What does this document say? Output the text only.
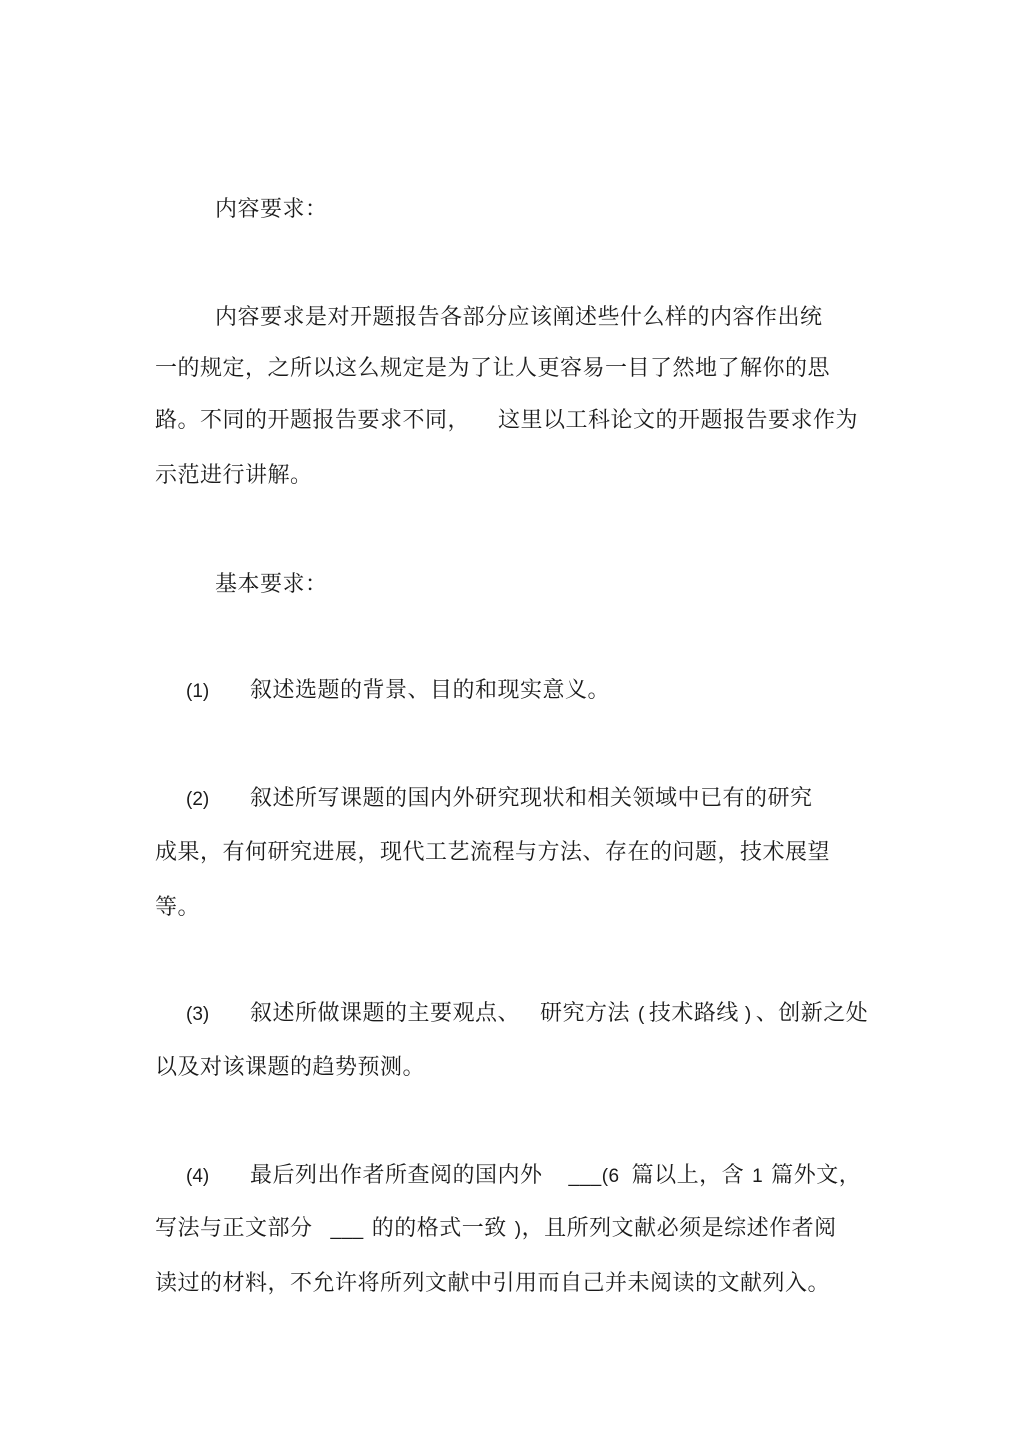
内容要求：
内容要求是对开题报告各部分应该阐述些什么样的内容作出统
一的规定，之所以这么规定是为了让人更容易一目了然地了解你的思
路。不同的开题报告要求不同， 这里以工科论文的开题报告要求作为
示范进行讲解。
基本要求：
(1) 叙述选题的背景、目的和现实意义。
(2) 叙述所写课题的国内外研究现状和相关领域中已有的研究
成果，有何研究进展，现代工艺流程与方法、存在的问题，技术展望
等。
(3) 叙述所做课题的主要观点、 研究方法 ( 技术路线 ) 、创新之处
以及对该课题的趋势预测。
(4) 最后列出作者所查阅的国内外 ___(6 篇以上，含 1 篇外文，
写法与正文部分 ___ 的的格式一致 )，且所列文献必须是综述作者阅
读过的材料，不允许将所列文献中引用而自己并未阅读的文献列入。
